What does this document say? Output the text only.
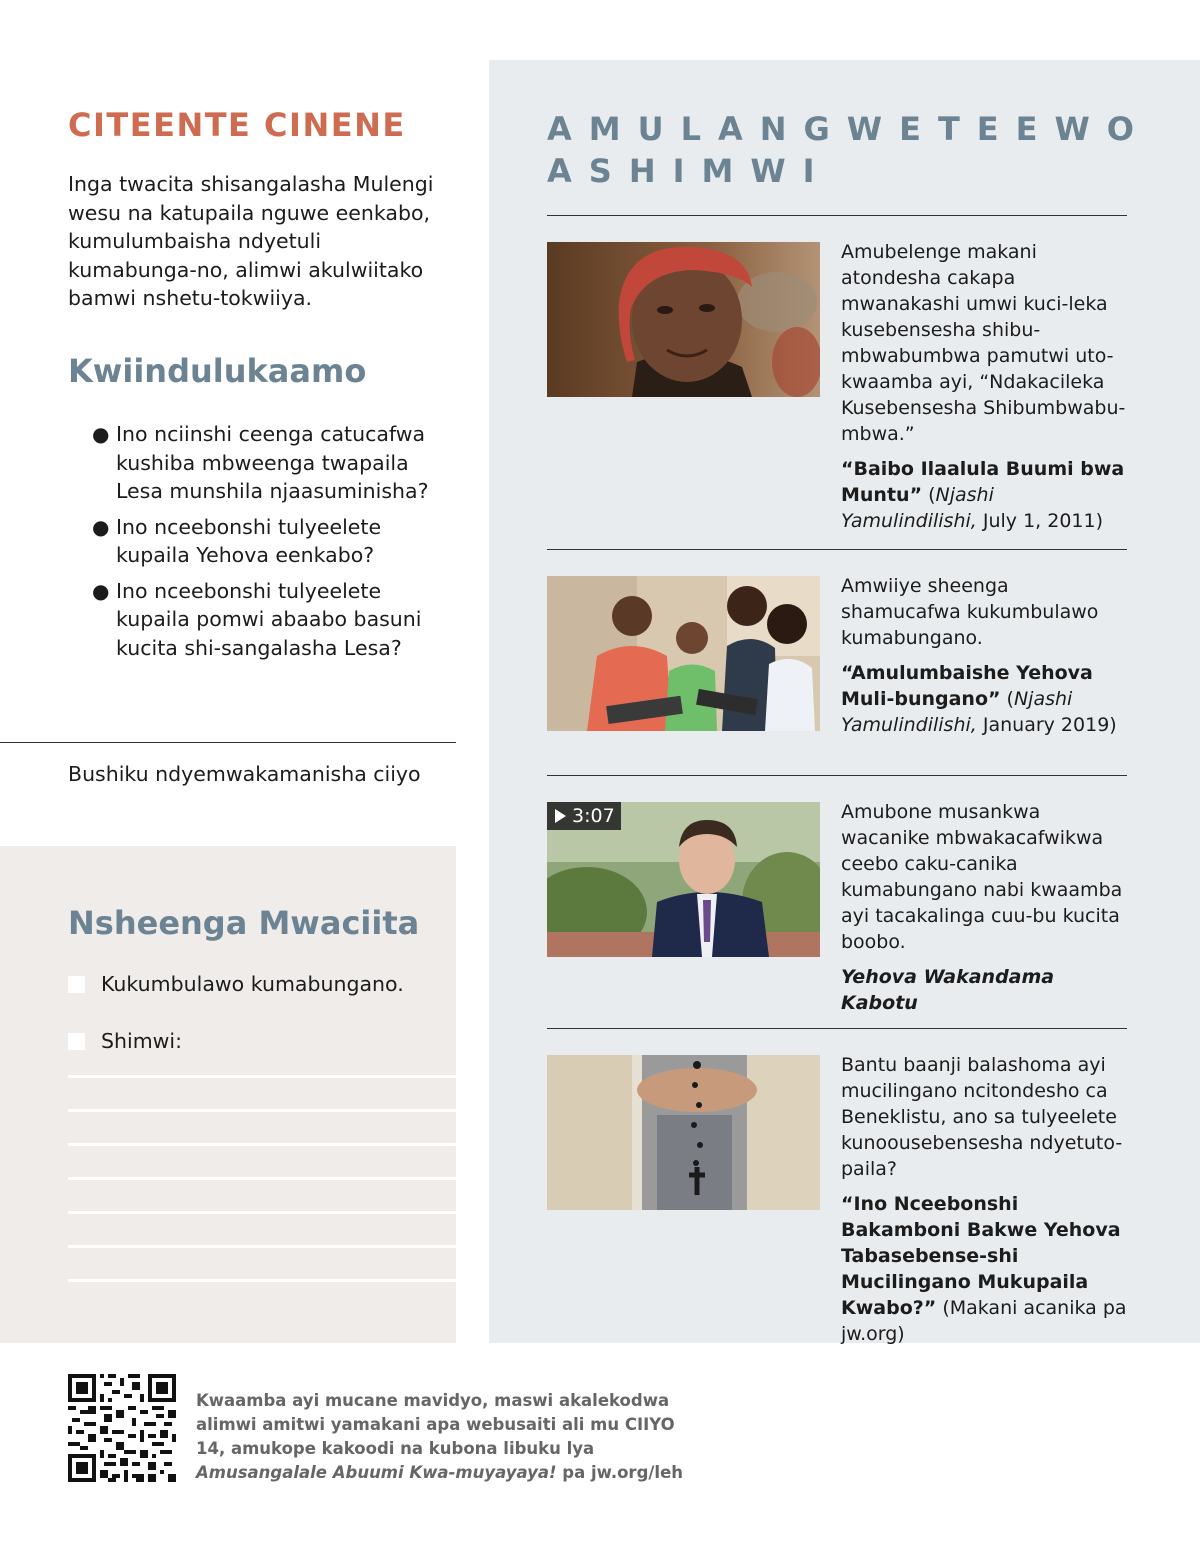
CITEENTE CINENE
Inga twacita shisangalasha Mulengi wesu na katupaila nguwe eenkabo, kumulumbaisha ndyetuli kumabunga-no, alimwi akulwiitako bamwi nshetu-tokwiiya.
Kwiindulukaamo
● Ino nciinshi ceenga catucafwa kushiba mbweenga twapaila Lesa munshila njaasuminisha?
● Ino nceebonshi tulyeelete kupaila Yehova eenkabo?
● Ino nceebonshi tulyeelete kupaila pomwi abaabo basuni kucita shi-sangalasha Lesa?
Bushiku ndyemwakamanisha ciiyo
Nsheenga Mwaciita
Kukumbulawo kumabungano.
Shimwi:
AMULANGWETEEWO ASHIMWI
Amubelenge makani atondesha cakapa mwanakashi umwi kuci-leka kusebensesha shibu-mbwabumbwa pamutwi uto-kwaamba ayi, “Ndakacileka Kusebensesha Shibumbwabu-mbwa.”
“Baibo Ilaalula Buumi bwa Muntu” (Njashi Yamulindilishi, July 1, 2011)
Amwiiye sheenga shamucafwa kukumbulawo kumabungano.
“Amulumbaishe Yehova Muli-bungano” (Njashi Yamulindilishi, January 2019)
3:07	Amubone musankwa wacanike mbwakacafwikwa ceebo caku-canika kumabungano nabi kwaamba ayi tacakalinga cuu-bu kucita boobo.
Yehova Wakandama Kabotu
Bantu baanji balashoma ayi mucilingano ncitondesho ca Beneklistu, ano sa tulyeelete kunoousebensesha ndyetuto-paila?
“Ino Nceebonshi Bakamboni Bakwe Yehova Tabasebense-shi Mucilingano Mukupaila Kwabo?” (Makani acanika pa jw.org)
Kwaamba ayi mucane mavidyo, maswi akalekodwa alimwi amitwi yamakani apa webusaiti ali mu CIIYO 14, amukope kakoodi na kubona libuku lya Amusangalale Abuumi Kwa-muyayaya! pa jw.org/leh
